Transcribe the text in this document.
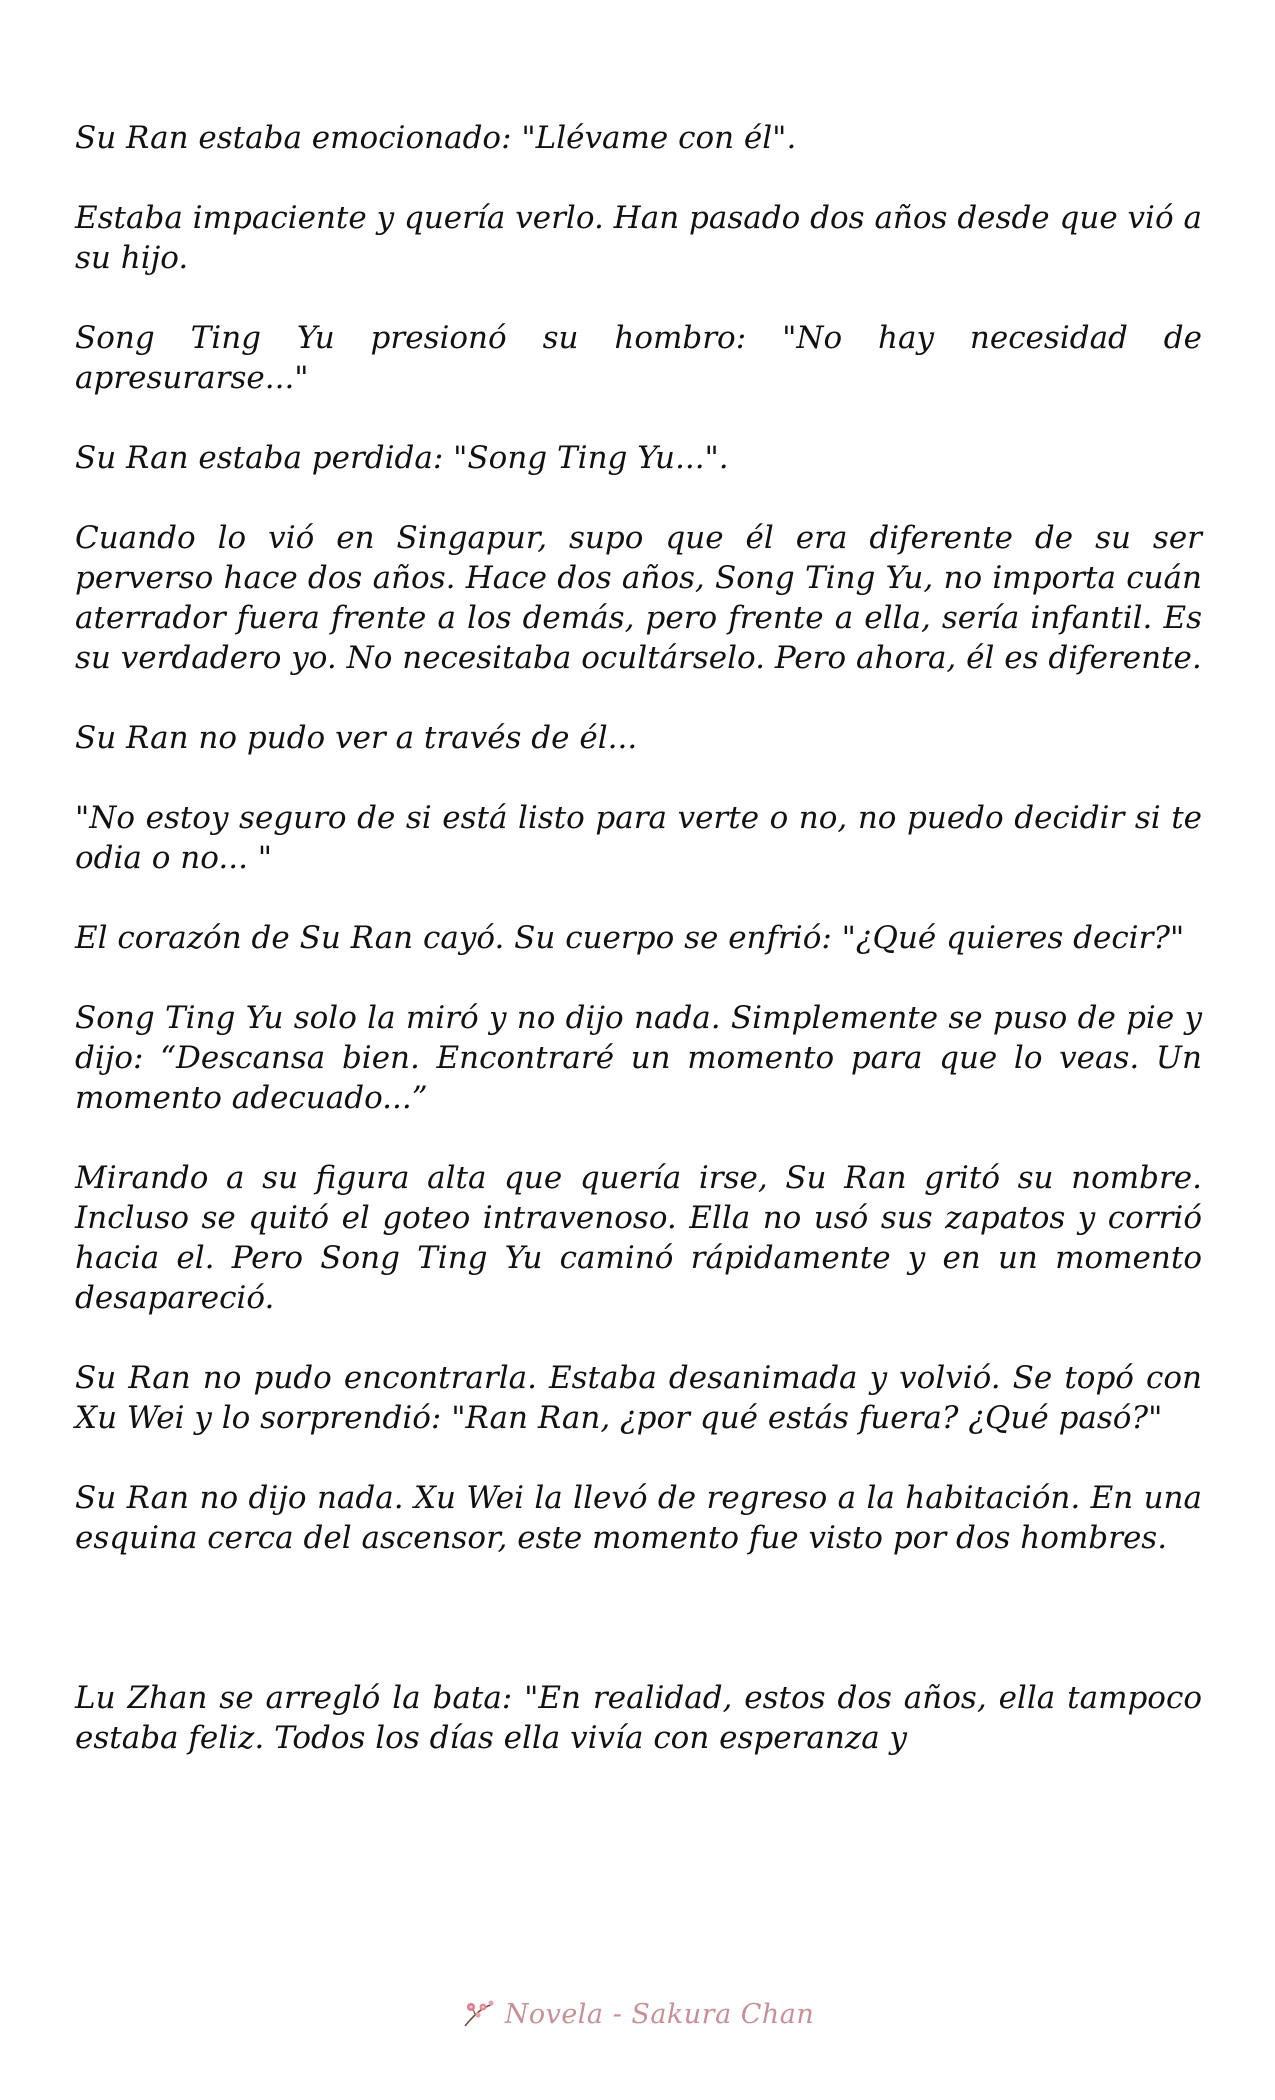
Su Ran estaba emocionado: "Llévame con él".

Estaba impaciente y quería verlo. Han pasado dos años desde que vió a su hijo.

Song Ting Yu presionó su hombro: "No hay necesidad de apresurarse..."

Su Ran estaba perdida: "Song Ting Yu...".

Cuando lo vió en Singapur, supo que él era diferente de su ser perverso hace dos años. Hace dos años, Song Ting Yu, no importa cuán aterrador fuera frente a los demás, pero frente a ella, sería infantil. Es su verdadero yo. No necesitaba ocultárselo. Pero ahora, él es diferente.

Su Ran no pudo ver a través de él...

"No estoy seguro de si está listo para verte o no, no puedo decidir si te odia o no... "

El corazón de Su Ran cayó. Su cuerpo se enfrió: "¿Qué quieres decir?"

Song Ting Yu solo la miró y no dijo nada. Simplemente se puso de pie y dijo: “Descansa bien. Encontraré un momento para que lo veas. Un momento adecuado...”

Mirando a su figura alta que quería irse, Su Ran gritó su nombre. Incluso se quitó el goteo intravenoso. Ella no usó sus zapatos y corrió hacia el. Pero Song Ting Yu caminó rápidamente y en un momento desapareció.

Su Ran no pudo encontrarla. Estaba desanimada y volvió. Se topó con Xu Wei y lo sorprendió: "Ran Ran, ¿por qué estás fuera? ¿Qué pasó?"

Su Ran no dijo nada. Xu Wei la llevó de regreso a la habitación. En una esquina cerca del ascensor, este momento fue visto por dos hombres.

Lu Zhan se arregló la bata: "En realidad, estos dos años, ella tampoco estaba feliz. Todos los días ella vivía con esperanza y

Novela - Sakura Chan
